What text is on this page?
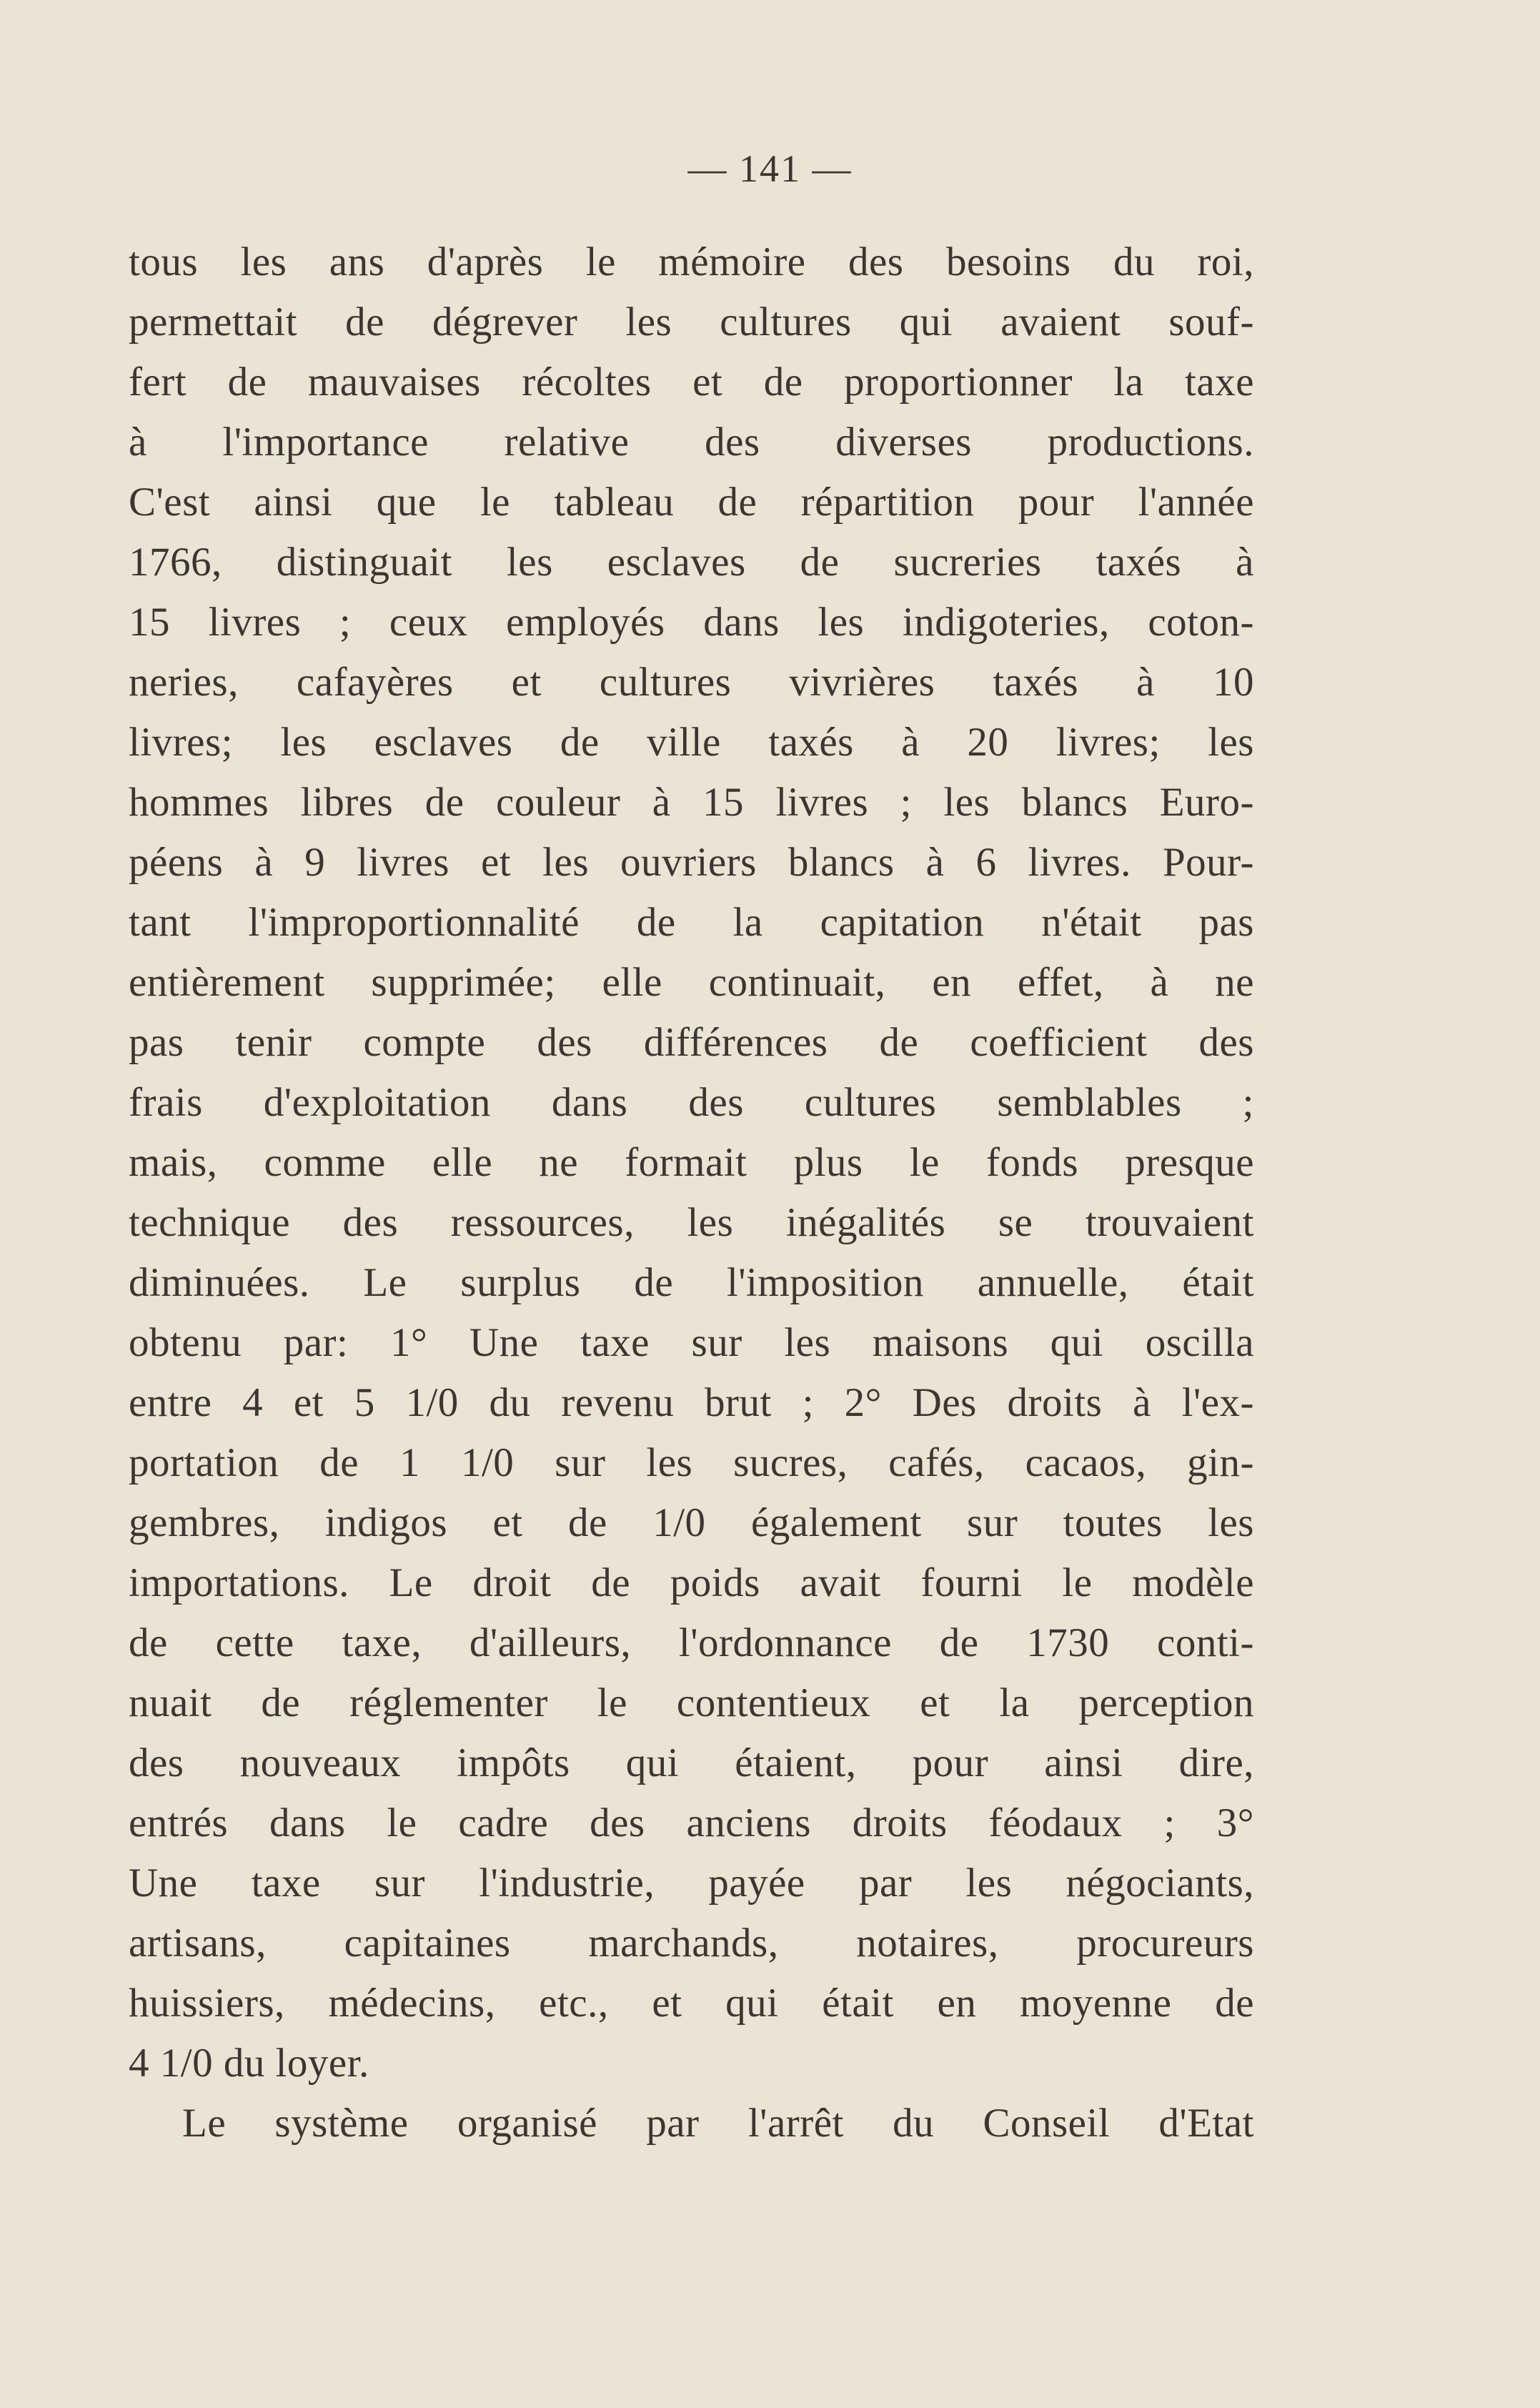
— 141 —
tous les ans d'après le mémoire des besoins du roi,
permettait de dégrever les cultures qui avaient souf-
fert de mauvaises récoltes et de proportionner la taxe
à l'importance relative des diverses productions.
C'est ainsi que le tableau de répartition pour l'année
1766, distinguait les esclaves de sucreries taxés à
15 livres ; ceux employés dans les indigoteries, coton-
neries, cafayères et cultures vivrières taxés à 10
livres; les esclaves de ville taxés à 20 livres; les
hommes libres de couleur à 15 livres ; les blancs Euro-
péens à 9 livres et les ouvriers blancs à 6 livres. Pour-
tant l'improportionnalité de la capitation n'était pas
entièrement supprimée; elle continuait, en effet, à ne
pas tenir compte des différences de coefficient des
frais d'exploitation dans des cultures semblables ;
mais, comme elle ne formait plus le fonds presque
technique des ressources, les inégalités se trouvaient
diminuées. Le surplus de l'imposition annuelle, était
obtenu par: 1° Une taxe sur les maisons qui oscilla
entre 4 et 5 1/0 du revenu brut ; 2° Des droits à l'ex-
portation de 1 1/0 sur les sucres, cafés, cacaos, gin-
gembres, indigos et de 1/0 également sur toutes les
importations. Le droit de poids avait fourni le modèle
de cette taxe, d'ailleurs, l'ordonnance de 1730 conti-
nuait de réglementer le contentieux et la perception
des nouveaux impôts qui étaient, pour ainsi dire,
entrés dans le cadre des anciens droits féodaux ; 3°
Une taxe sur l'industrie, payée par les négociants,
artisans, capitaines marchands, notaires, procureurs
huissiers, médecins, etc., et qui était en moyenne de
4 1/0 du loyer.
Le système organisé par l'arrêt du Conseil d'Etat
